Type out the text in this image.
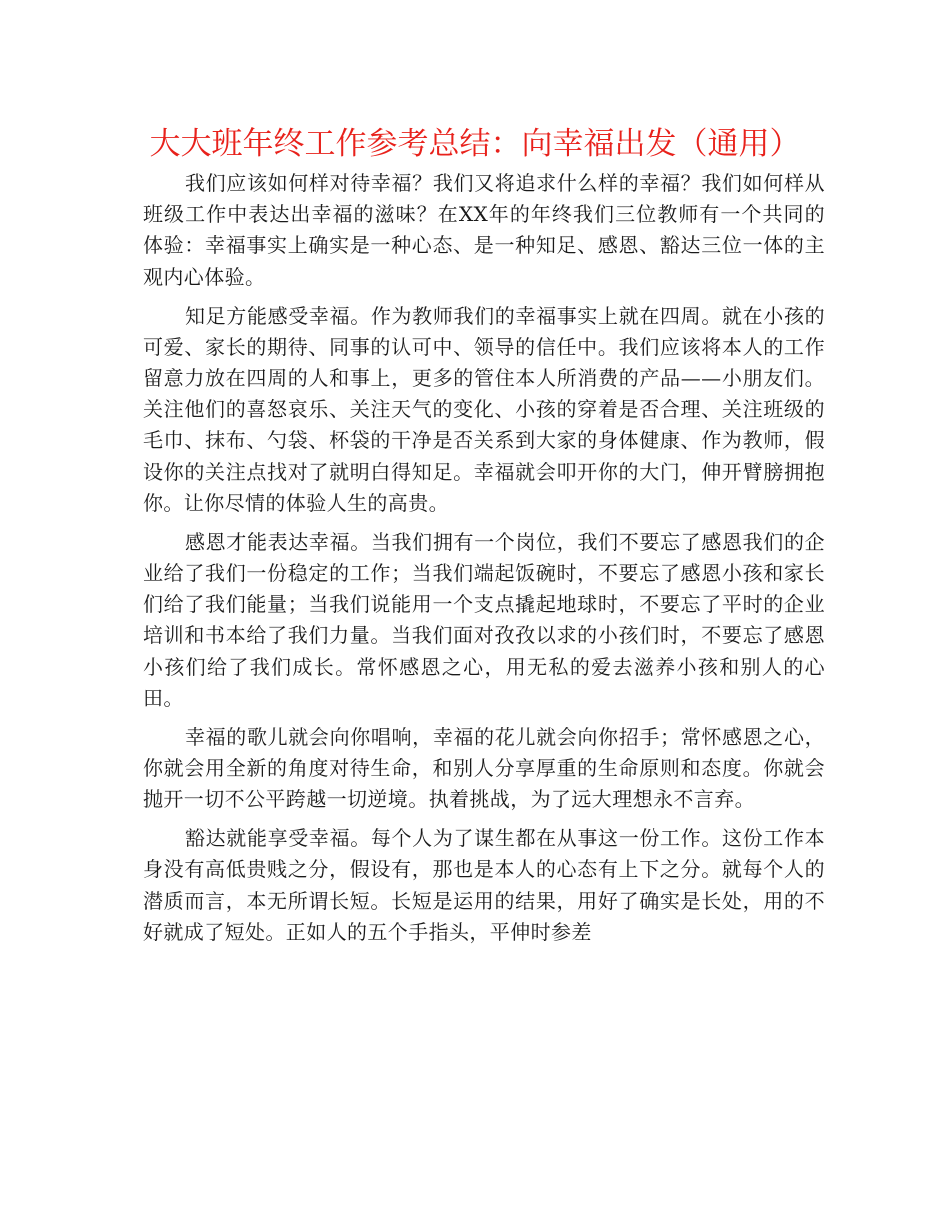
大大班年终工作参考总结：向幸福出发（通用）

我们应该如何样对待幸福？我们又将追求什么样的幸福？我们如何样从班级工作中表达出幸福的滋味？在XX年的年终我们三位教师有一个共同的体验：幸福事实上确实是一种心态、是一种知足、感恩、豁达三位一体的主观内心体验。

知足方能感受幸福。作为教师我们的幸福事实上就在四周。就在小孩的可爱、家长的期待、同事的认可中、领导的信任中。我们应该将本人的工作留意力放在四周的人和事上，更多的管住本人所消费的产品——小朋友们。关注他们的喜怒哀乐、关注天气的变化、小孩的穿着是否合理、关注班级的毛巾、抹布、勺袋、杯袋的干净是否关系到大家的身体健康、作为教师，假设你的关注点找对了就明白得知足。幸福就会叩开你的大门，伸开臂膀拥抱你。让你尽情的体验人生的高贵。

感恩才能表达幸福。当我们拥有一个岗位，我们不要忘了感恩我们的企业给了我们一份稳定的工作；当我们端起饭碗时，不要忘了感恩小孩和家长们给了我们能量；当我们说能用一个支点撬起地球时，不要忘了平时的企业培训和书本给了我们力量。当我们面对孜孜以求的小孩们时，不要忘了感恩小孩们给了我们成长。常怀感恩之心，用无私的爱去滋养小孩和别人的心田。

幸福的歌儿就会向你唱响，幸福的花儿就会向你招手；常怀感恩之心，你就会用全新的角度对待生命，和别人分享厚重的生命原则和态度。你就会抛开一切不公平跨越一切逆境。执着挑战，为了远大理想永不言弃。

豁达就能享受幸福。每个人为了谋生都在从事这一份工作。这份工作本身没有高低贵贱之分，假设有，那也是本人的心态有上下之分。就每个人的潜质而言，本无所谓长短。长短是运用的结果，用好了确实是长处，用的不好就成了短处。正如人的五个手指头，平伸时参差
